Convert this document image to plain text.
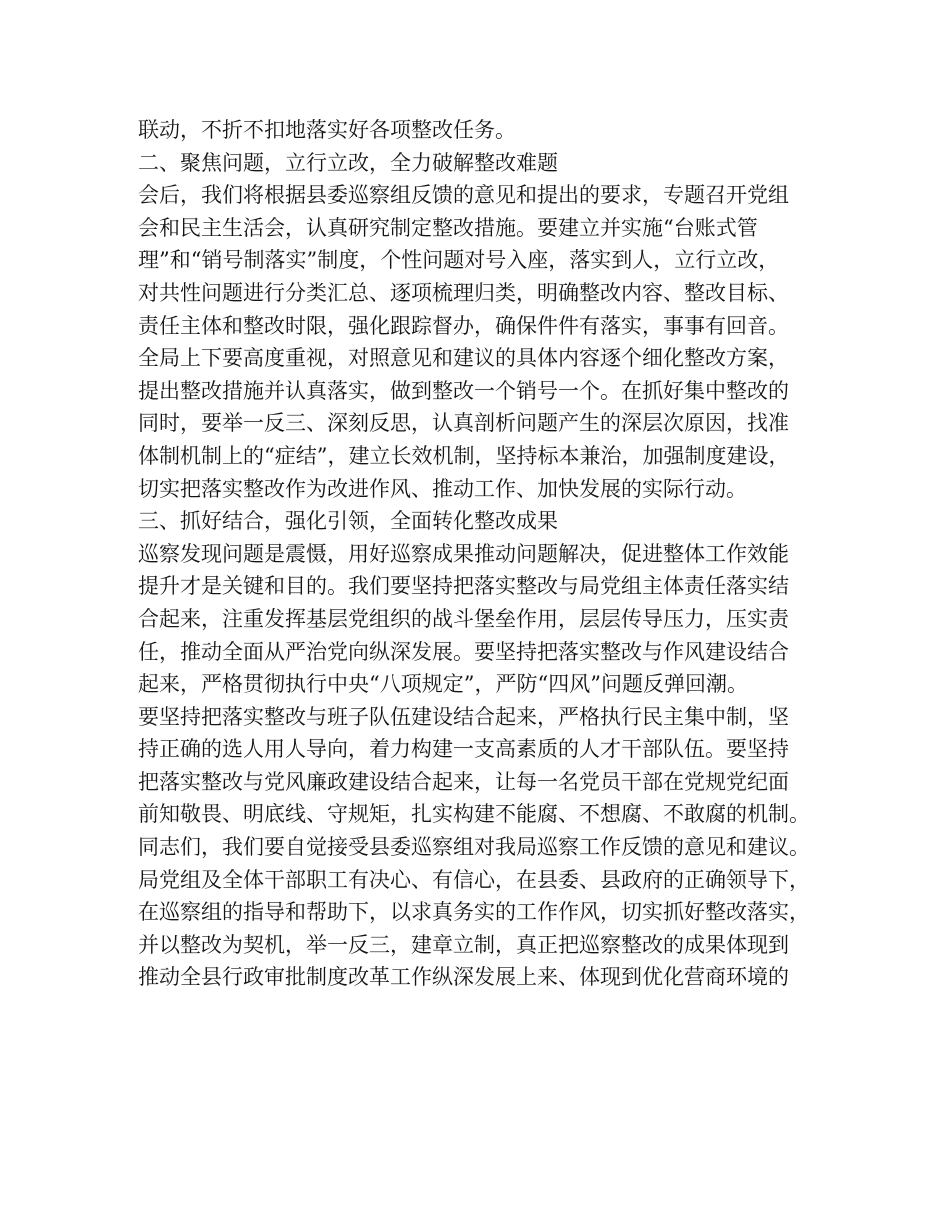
联动，不折不扣地落实好各项整改任务。
二、聚焦问题，立行立改，全力破解整改难题
会后，我们将根据县委巡察组反馈的意见和提出的要求，专题召开党组
会和民主生活会，认真研究制定整改措施。要建立并实施“台账式管
理”和“销号制落实”制度，个性问题对号入座，落实到人，立行立改，
对共性问题进行分类汇总、逐项梳理归类，明确整改内容、整改目标、
责任主体和整改时限，强化跟踪督办，确保件件有落实，事事有回音。
全局上下要高度重视，对照意见和建议的具体内容逐个细化整改方案，
提出整改措施并认真落实，做到整改一个销号一个。在抓好集中整改的
同时，要举一反三、深刻反思，认真剖析问题产生的深层次原因，找准
体制机制上的“症结”，建立长效机制，坚持标本兼治，加强制度建设，
切实把落实整改作为改进作风、推动工作、加快发展的实际行动。
三、抓好结合，强化引领，全面转化整改成果
巡察发现问题是震慑，用好巡察成果推动问题解决，促进整体工作效能
提升才是关键和目的。我们要坚持把落实整改与局党组主体责任落实结
合起来，注重发挥基层党组织的战斗堡垒作用，层层传导压力，压实责
任，推动全面从严治党向纵深发展。要坚持把落实整改与作风建设结合
起来，严格贯彻执行中央“八项规定”，严防“四风”问题反弹回潮。
要坚持把落实整改与班子队伍建设结合起来，严格执行民主集中制，坚
持正确的选人用人导向，着力构建一支高素质的人才干部队伍。要坚持
把落实整改与党风廉政建设结合起来，让每一名党员干部在党规党纪面
前知敬畏、明底线、守规矩，扎实构建不能腐、不想腐、不敢腐的机制。
同志们，我们要自觉接受县委巡察组对我局巡察工作反馈的意见和建议。
局党组及全体干部职工有决心、有信心，在县委、县政府的正确领导下，
在巡察组的指导和帮助下，以求真务实的工作作风，切实抓好整改落实，
并以整改为契机，举一反三，建章立制，真正把巡察整改的成果体现到
推动全县行政审批制度改革工作纵深发展上来、体现到优化营商环境的
